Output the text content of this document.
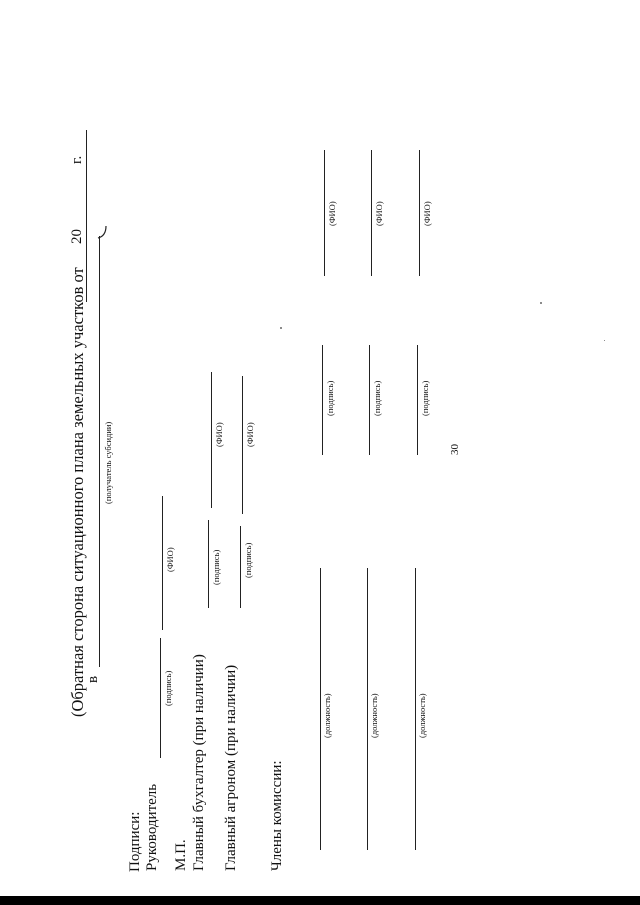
30
(Обратная сторона ситуационного плана земельных участков от
20
г.
в
(получатель субсидии)
Подписи: Руководитель
(подпись)
(ФИО)
М.П. Главный бухгалтер (при наличии)
(подпись)
(ФИО)
Главный агроном (при наличии)
(подпись)
(ФИО)
Члены комиссии:
(должность)
(подпись)
(ФИО)
(должность)
(подпись)
(ФИО)
(должность)
(подпись)
(ФИО)
